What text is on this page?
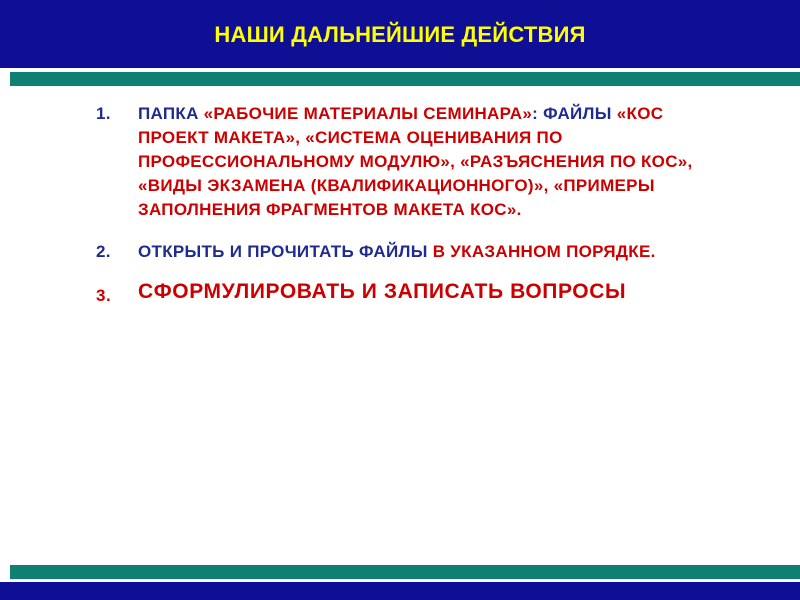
НАШИ ДАЛЬНЕЙШИЕ ДЕЙСТВИЯ
1. ПАПКА «РАБОЧИЕ МАТЕРИАЛЫ СЕМИНАРА»: ФАЙЛЫ «КОС ПРОЕКТ МАКЕТА», «СИСТЕМА ОЦЕНИВАНИЯ ПО ПРОФЕССИОНАЛЬНОМУ МОДУЛЮ», «РАЗЪЯСНЕНИЯ ПО КОС», «ВИДЫ ЭКЗАМЕНА (КВАЛИФИКАЦИОННОГО)», «ПРИМЕРЫ ЗАПОЛНЕНИЯ ФРАГМЕНТОВ МАКЕТА КОС».
2. ОТКРЫТЬ И ПРОЧИТАТЬ ФАЙЛЫ В УКАЗАННОМ ПОРЯДКЕ.
3. СФОРМУЛИРОВАТЬ И ЗАПИСАТЬ ВОПРОСЫ
